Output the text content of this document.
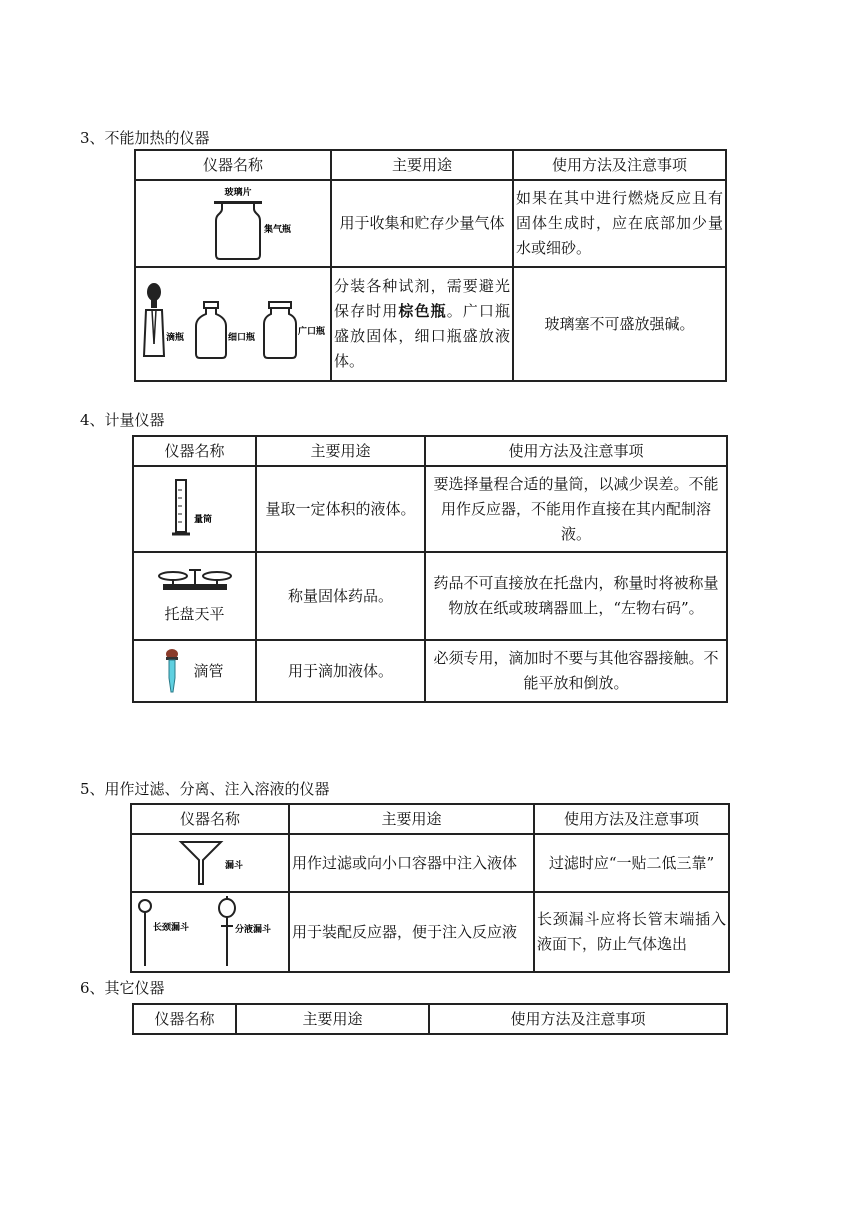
3、不能加热的仪器
仪器名称	主要用途	使用方法及注意事项

玻璃片
集气瓶	用于收集和贮存少量气体	如果在其中进行燃烧反应且有固体生成时，应在底部加少量水或细砂。

滴瓶 细口瓶
广口瓶	分装各种试剂，需要避光保存时用棕色瓶。广口瓶盛放固体，细口瓶盛放液体。	玻璃塞不可盛放强碱。
4、计量仪器
仪器名称	主要用途	使用方法及注意事项

量筒	量取一定体积的液体。	要选择量程合适的量筒，以减少误差。不能用作反应器，不能用作直接在其内配制溶液。

托盘天平	称量固体药品。	药品不可直接放在托盘内，称量时将被称量物放在纸或玻璃器皿上，“左物右码”。

滴管	用于滴加液体。	必须专用，滴加时不要与其他容器接触。不能平放和倒放。
5、用作过滤、分离、注入溶液的仪器
仪器名称	主要用途	使用方法及注意事项

漏斗	用作过滤或向小口容器中注入液体	过滤时应“一贴二低三靠”

长颈漏斗 分液漏斗	用于装配反应器，便于注入反应液	长颈漏斗应将长管末端插入液面下，防止气体逸出
6、其它仪器
仪器名称	主要用途	使用方法及注意事项
